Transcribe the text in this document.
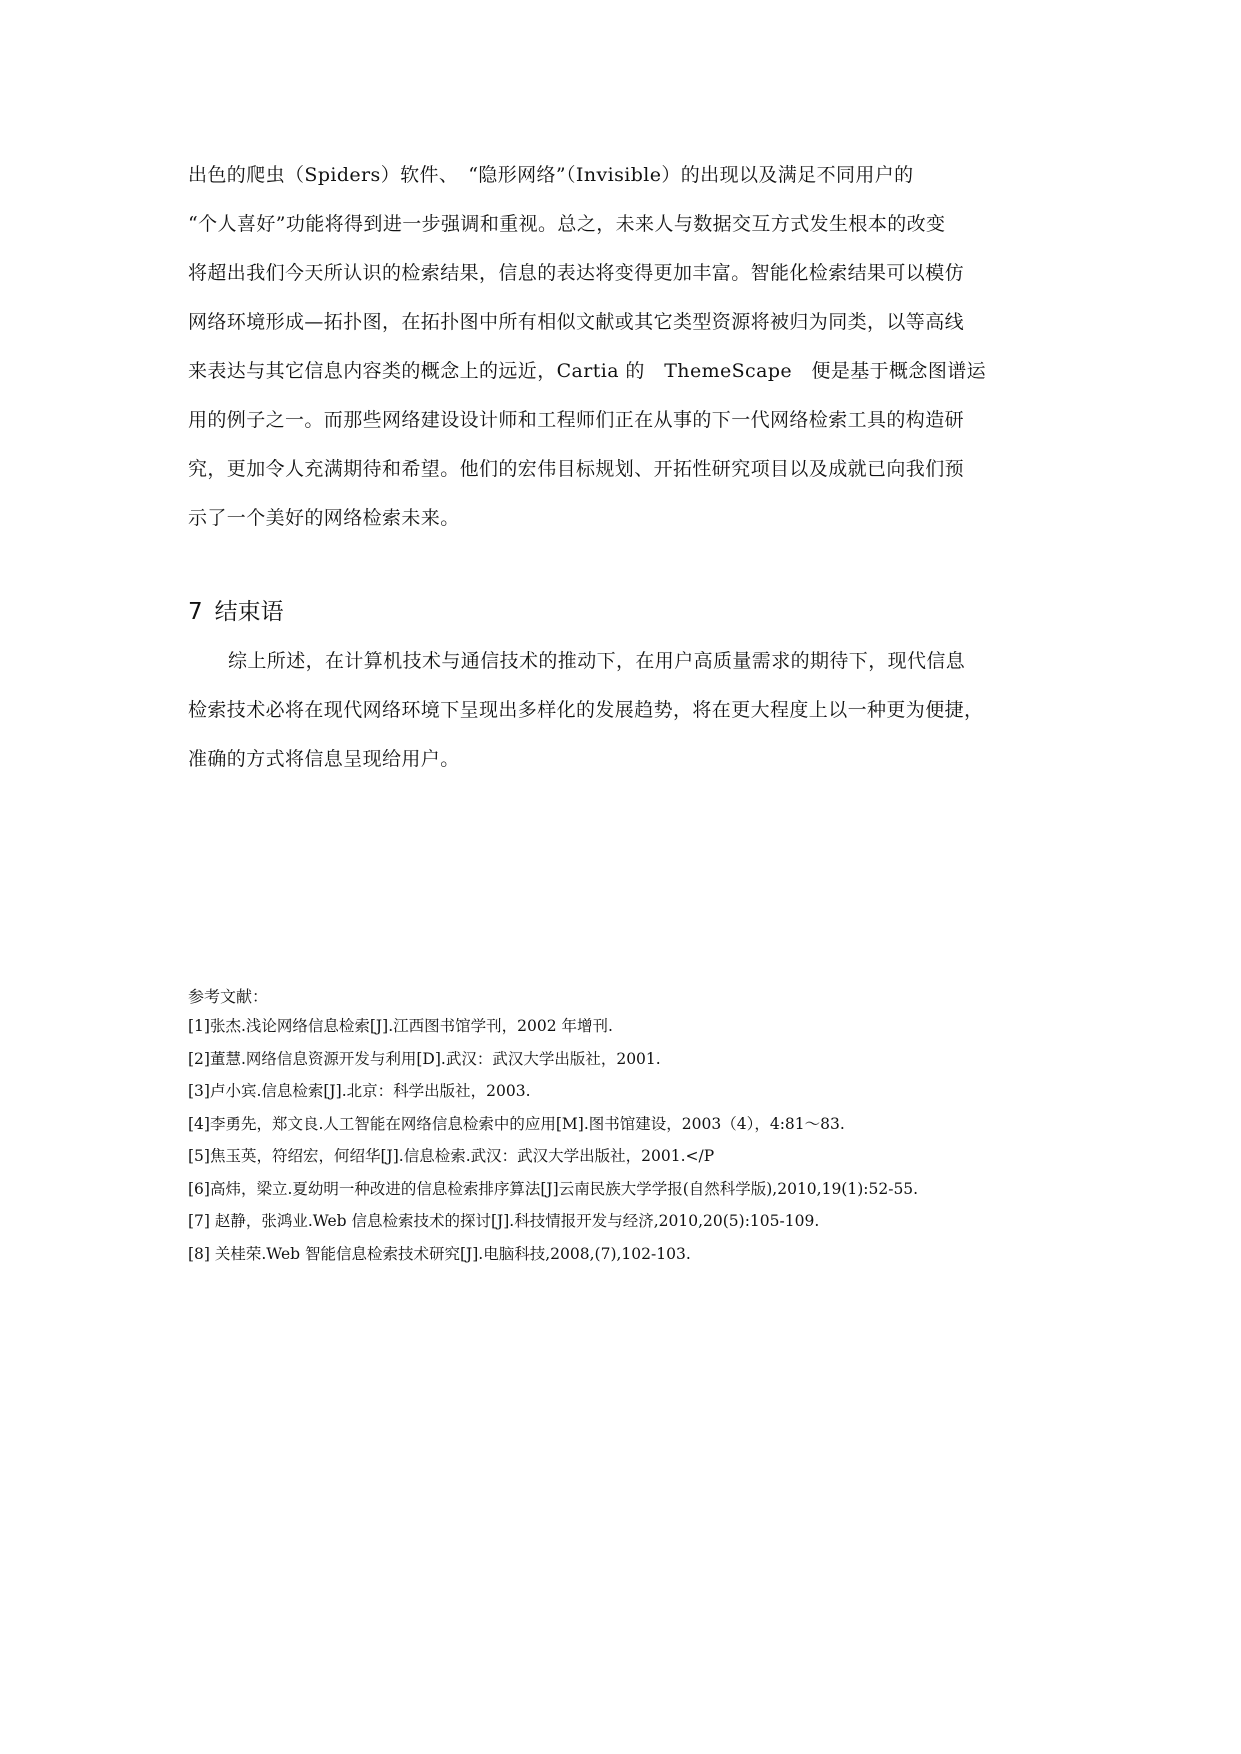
出色的爬虫（Spiders）软件、　“隐形网络”（Invisible）的出现以及满足不同用户的
“个人喜好”功能将得到进一步强调和重视。总之，未来人与数据交互方式发生根本的改变
将超出我们今天所认识的检索结果，信息的表达将变得更加丰富。智能化检索结果可以模仿
网络环境形成—拓扑图，在拓扑图中所有相似文献或其它类型资源将被归为同类，以等高线
来表达与其它信息内容类的概念上的远近，Cartia 的　ThemeScape　便是基于概念图谱运
用的例子之一。而那些网络建设设计师和工程师们正在从事的下一代网络检索工具的构造研
究，更加令人充满期待和希望。他们的宏伟目标规划、开拓性研究项目以及成就已向我们预
示了一个美好的网络检索未来。
7 结束语
综上所述，在计算机技术与通信技术的推动下，在用户高质量需求的期待下，现代信息
检索技术必将在现代网络环境下呈现出多样化的发展趋势，将在更大程度上以一种更为便捷，
准确的方式将信息呈现给用户。
参考文献：
[1]张杰.浅论网络信息检索[J].江西图书馆学刊，2002 年增刊.
[2]董慧.网络信息资源开发与利用[D].武汉：武汉大学出版社，2001.
[3]卢小宾.信息检索[J].北京：科学出版社，2003.
[4]李勇先，郑文良.人工智能在网络信息检索中的应用[M].图书馆建设，2003（4），4:81～83.
[5]焦玉英，符绍宏，何绍华[J].信息检索.武汉：武汉大学出版社，2001.</P
[6]高炜，梁立.夏幼明一种改进的信息检索排序算法[J]云南民族大学学报(自然科学版),2010,19(1):52-55.
[7] 赵静，张鸿业.Web 信息检索技术的探讨[J].科技情报开发与经济,2010,20(5):105-109.
[8] 关桂荣.Web 智能信息检索技术研究[J].电脑科技,2008,(7),102-103.
